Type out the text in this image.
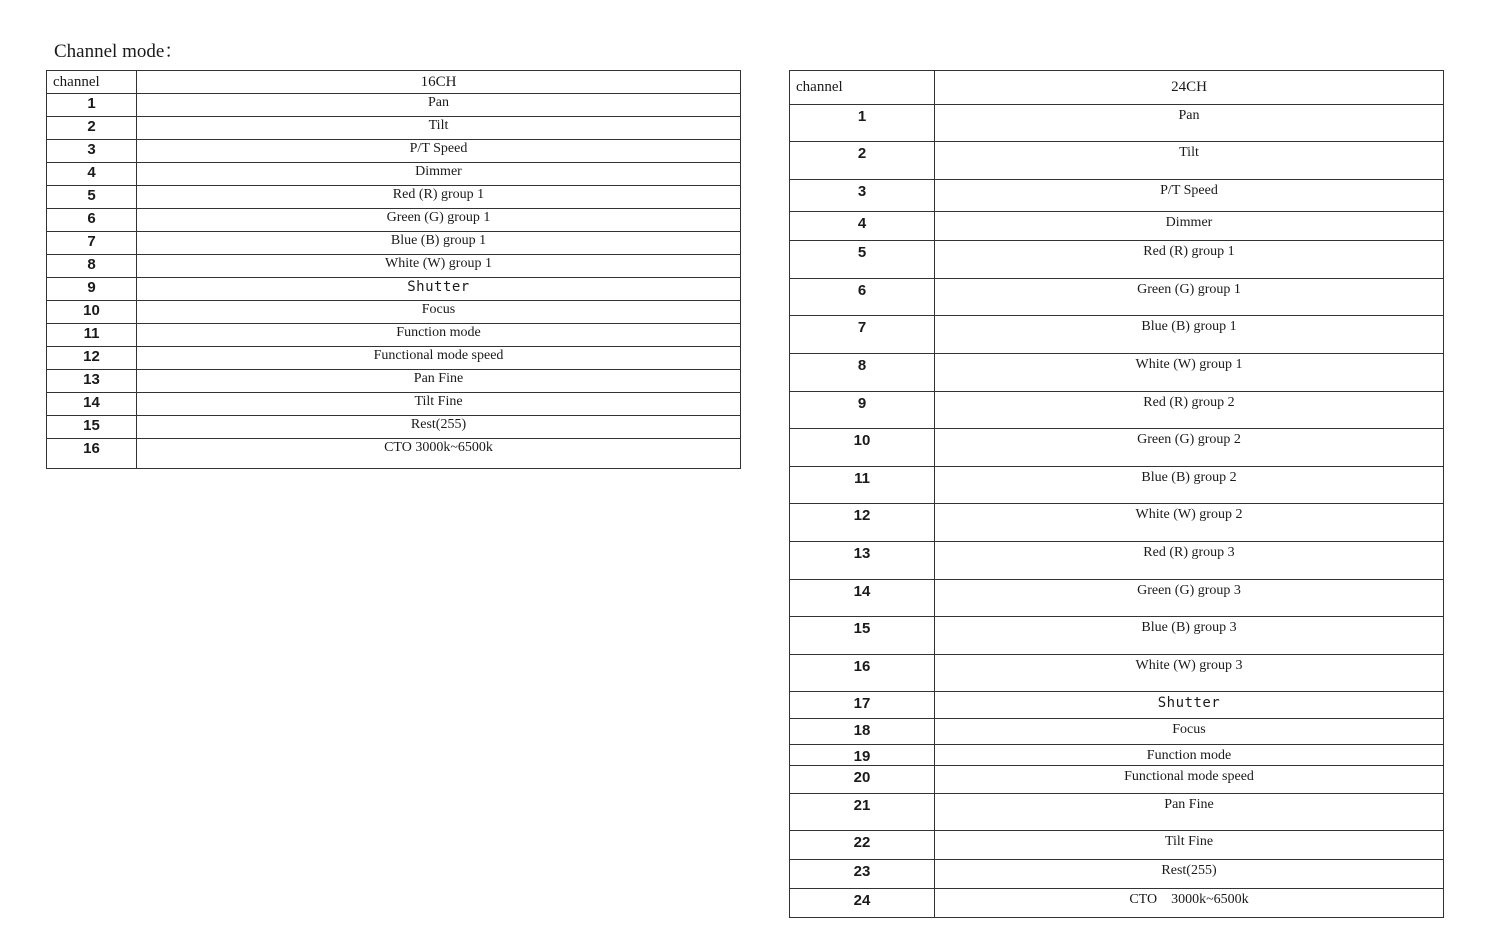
Channel mode：
channel	16CH
1	Pan
2	Tilt
3	P/T Speed
4	Dimmer
5	Red (R) group 1
6	Green (G) group 1
7	Blue (B) group 1
8	White (W) group 1
9	Shutter
10	Focus
11	Function mode
12	Functional mode speed
13	Pan Fine
14	Tilt Fine
15	Rest(255)
16	CTO 3000k~6500k
channel	24CH
1	Pan
2	Tilt
3	P/T Speed
4	Dimmer
5	Red (R) group 1
6	Green (G) group 1
7	Blue (B) group 1
8	White (W) group 1
9	Red (R) group 2
10	Green (G) group 2
11	Blue (B) group 2
12	White (W) group 2
13	Red (R) group 3
14	Green (G) group 3
15	Blue (B) group 3
16	White (W) group 3
17	Shutter
18	Focus
19	Function mode
20	Functional mode speed
21	Pan Fine
22	Tilt Fine
23	Rest(255)
24	CTO    3000k~6500k
